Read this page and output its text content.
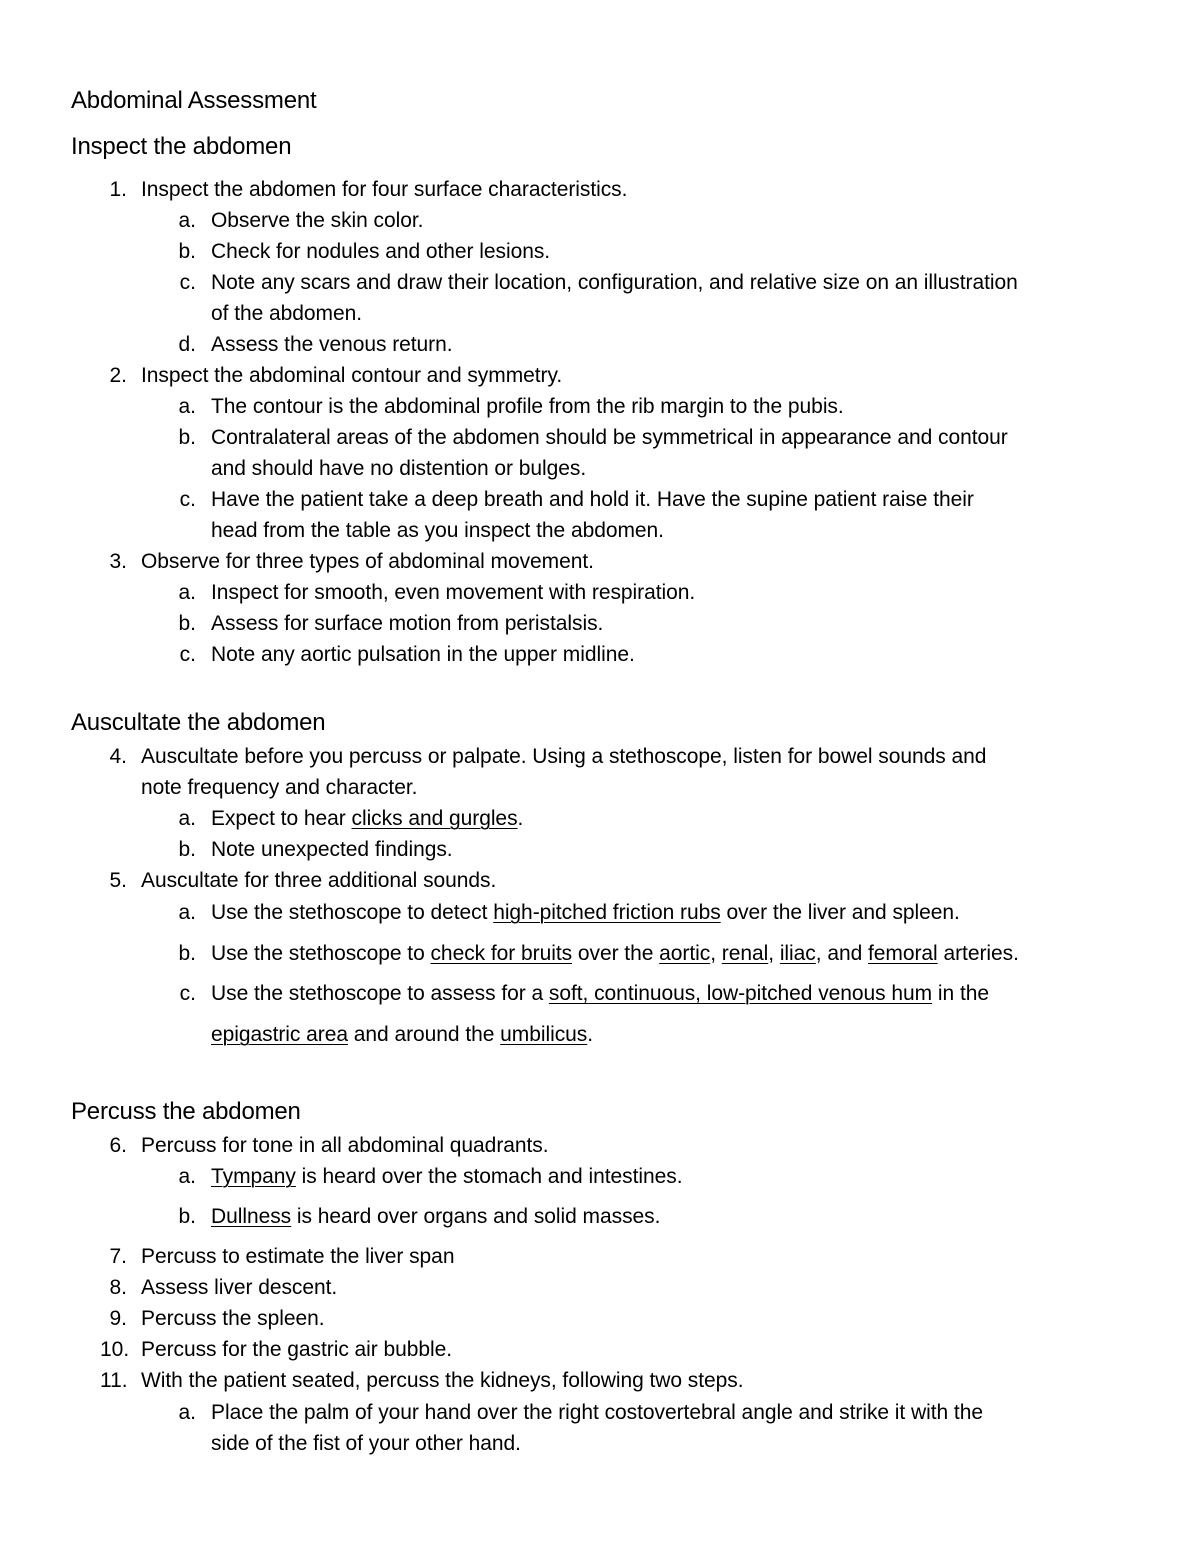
Abdominal Assessment
Inspect the abdomen
1. Inspect the abdomen for four surface characteristics.
a. Observe the skin color.
b. Check for nodules and other lesions.
c. Note any scars and draw their location, configuration, and relative size on an illustration
of the abdomen.
d. Assess the venous return.
2. Inspect the abdominal contour and symmetry.
a. The contour is the abdominal profile from the rib margin to the pubis.
b. Contralateral areas of the abdomen should be symmetrical in appearance and contour
and should have no distention or bulges.
c. Have the patient take a deep breath and hold it. Have the supine patient raise their
head from the table as you inspect the abdomen.
3. Observe for three types of abdominal movement.
a. Inspect for smooth, even movement with respiration.
b. Assess for surface motion from peristalsis.
c. Note any aortic pulsation in the upper midline.
Auscultate the abdomen
4. Auscultate before you percuss or palpate. Using a stethoscope, listen for bowel sounds and
note frequency and character.
a. Expect to hear clicks and gurgles.
b. Note unexpected findings.
5. Auscultate for three additional sounds.
a. Use the stethoscope to detect high-pitched friction rubs over the liver and spleen.
b. Use the stethoscope to check for bruits over the aortic, renal, iliac, and femoral arteries.
c. Use the stethoscope to assess for a soft, continuous, low-pitched venous hum in the
epigastric area and around the umbilicus.
Percuss the abdomen
6. Percuss for tone in all abdominal quadrants.
a. Tympany is heard over the stomach and intestines.
b. Dullness is heard over organs and solid masses.
7. Percuss to estimate the liver span
8. Assess liver descent.
9. Percuss the spleen.
10. Percuss for the gastric air bubble.
11. With the patient seated, percuss the kidneys, following two steps.
a. Place the palm of your hand over the right costovertebral angle and strike it with the
side of the fist of your other hand.
